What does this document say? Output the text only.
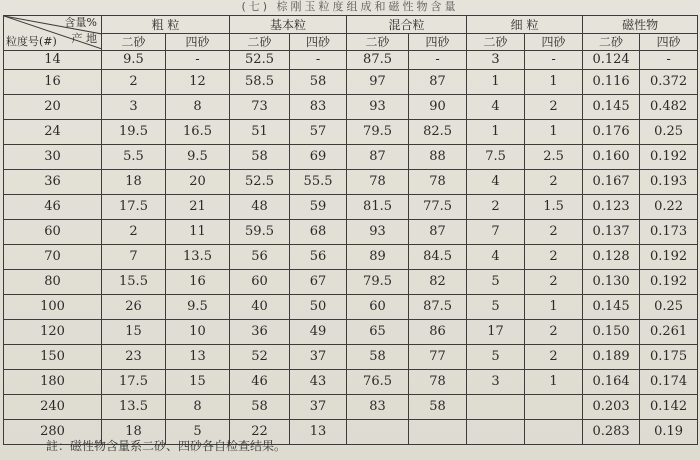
(七) 棕刚玉粒度组成和磁性物含量
含量%
产 地
粒度号(#)	粗 粒		基本粒		混合粒		细 粒		磁性物	
	二砂	四砂	二砂	四砂	二砂	四砂	二砂	四砂	二砂	四砂
14	9.5	-	52.5	-	87.5	-	3	-	0.124	-
16	2	12	58.5	58	97	87	1	1	0.116	0.372
20	3	8	73	83	93	90	4	2	0.145	0.482
24	19.5	16.5	51	57	79.5	82.5	1	1	0.176	0.25
30	5.5	9.5	58	69	87	88	7.5	2.5	0.160	0.192
36	18	20	52.5	55.5	78	78	4	2	0.167	0.193
46	17.5	21	48	59	81.5	77.5	2	1.5	0.123	0.22
60	2	11	59.5	68	93	87	7	2	0.137	0.173
70	7	13.5	56	56	89	84.5	4	2	0.128	0.192
80	15.5	16	60	67	79.5	82	5	2	0.130	0.192
100	26	9.5	40	50	60	87.5	5	1	0.145	0.25
120	15	10	36	49	65	86	17	2	0.150	0.261
150	23	13	52	37	58	77	5	2	0.189	0.175
180	17.5	15	46	43	76.5	78	3	1	0.164	0.174
240	13.5	8	58	37	83	58			0.203	0.142
280	18	5	22	13					0.283	0.19
註：磁性物含量系二砂、四砂各自检查结果。
